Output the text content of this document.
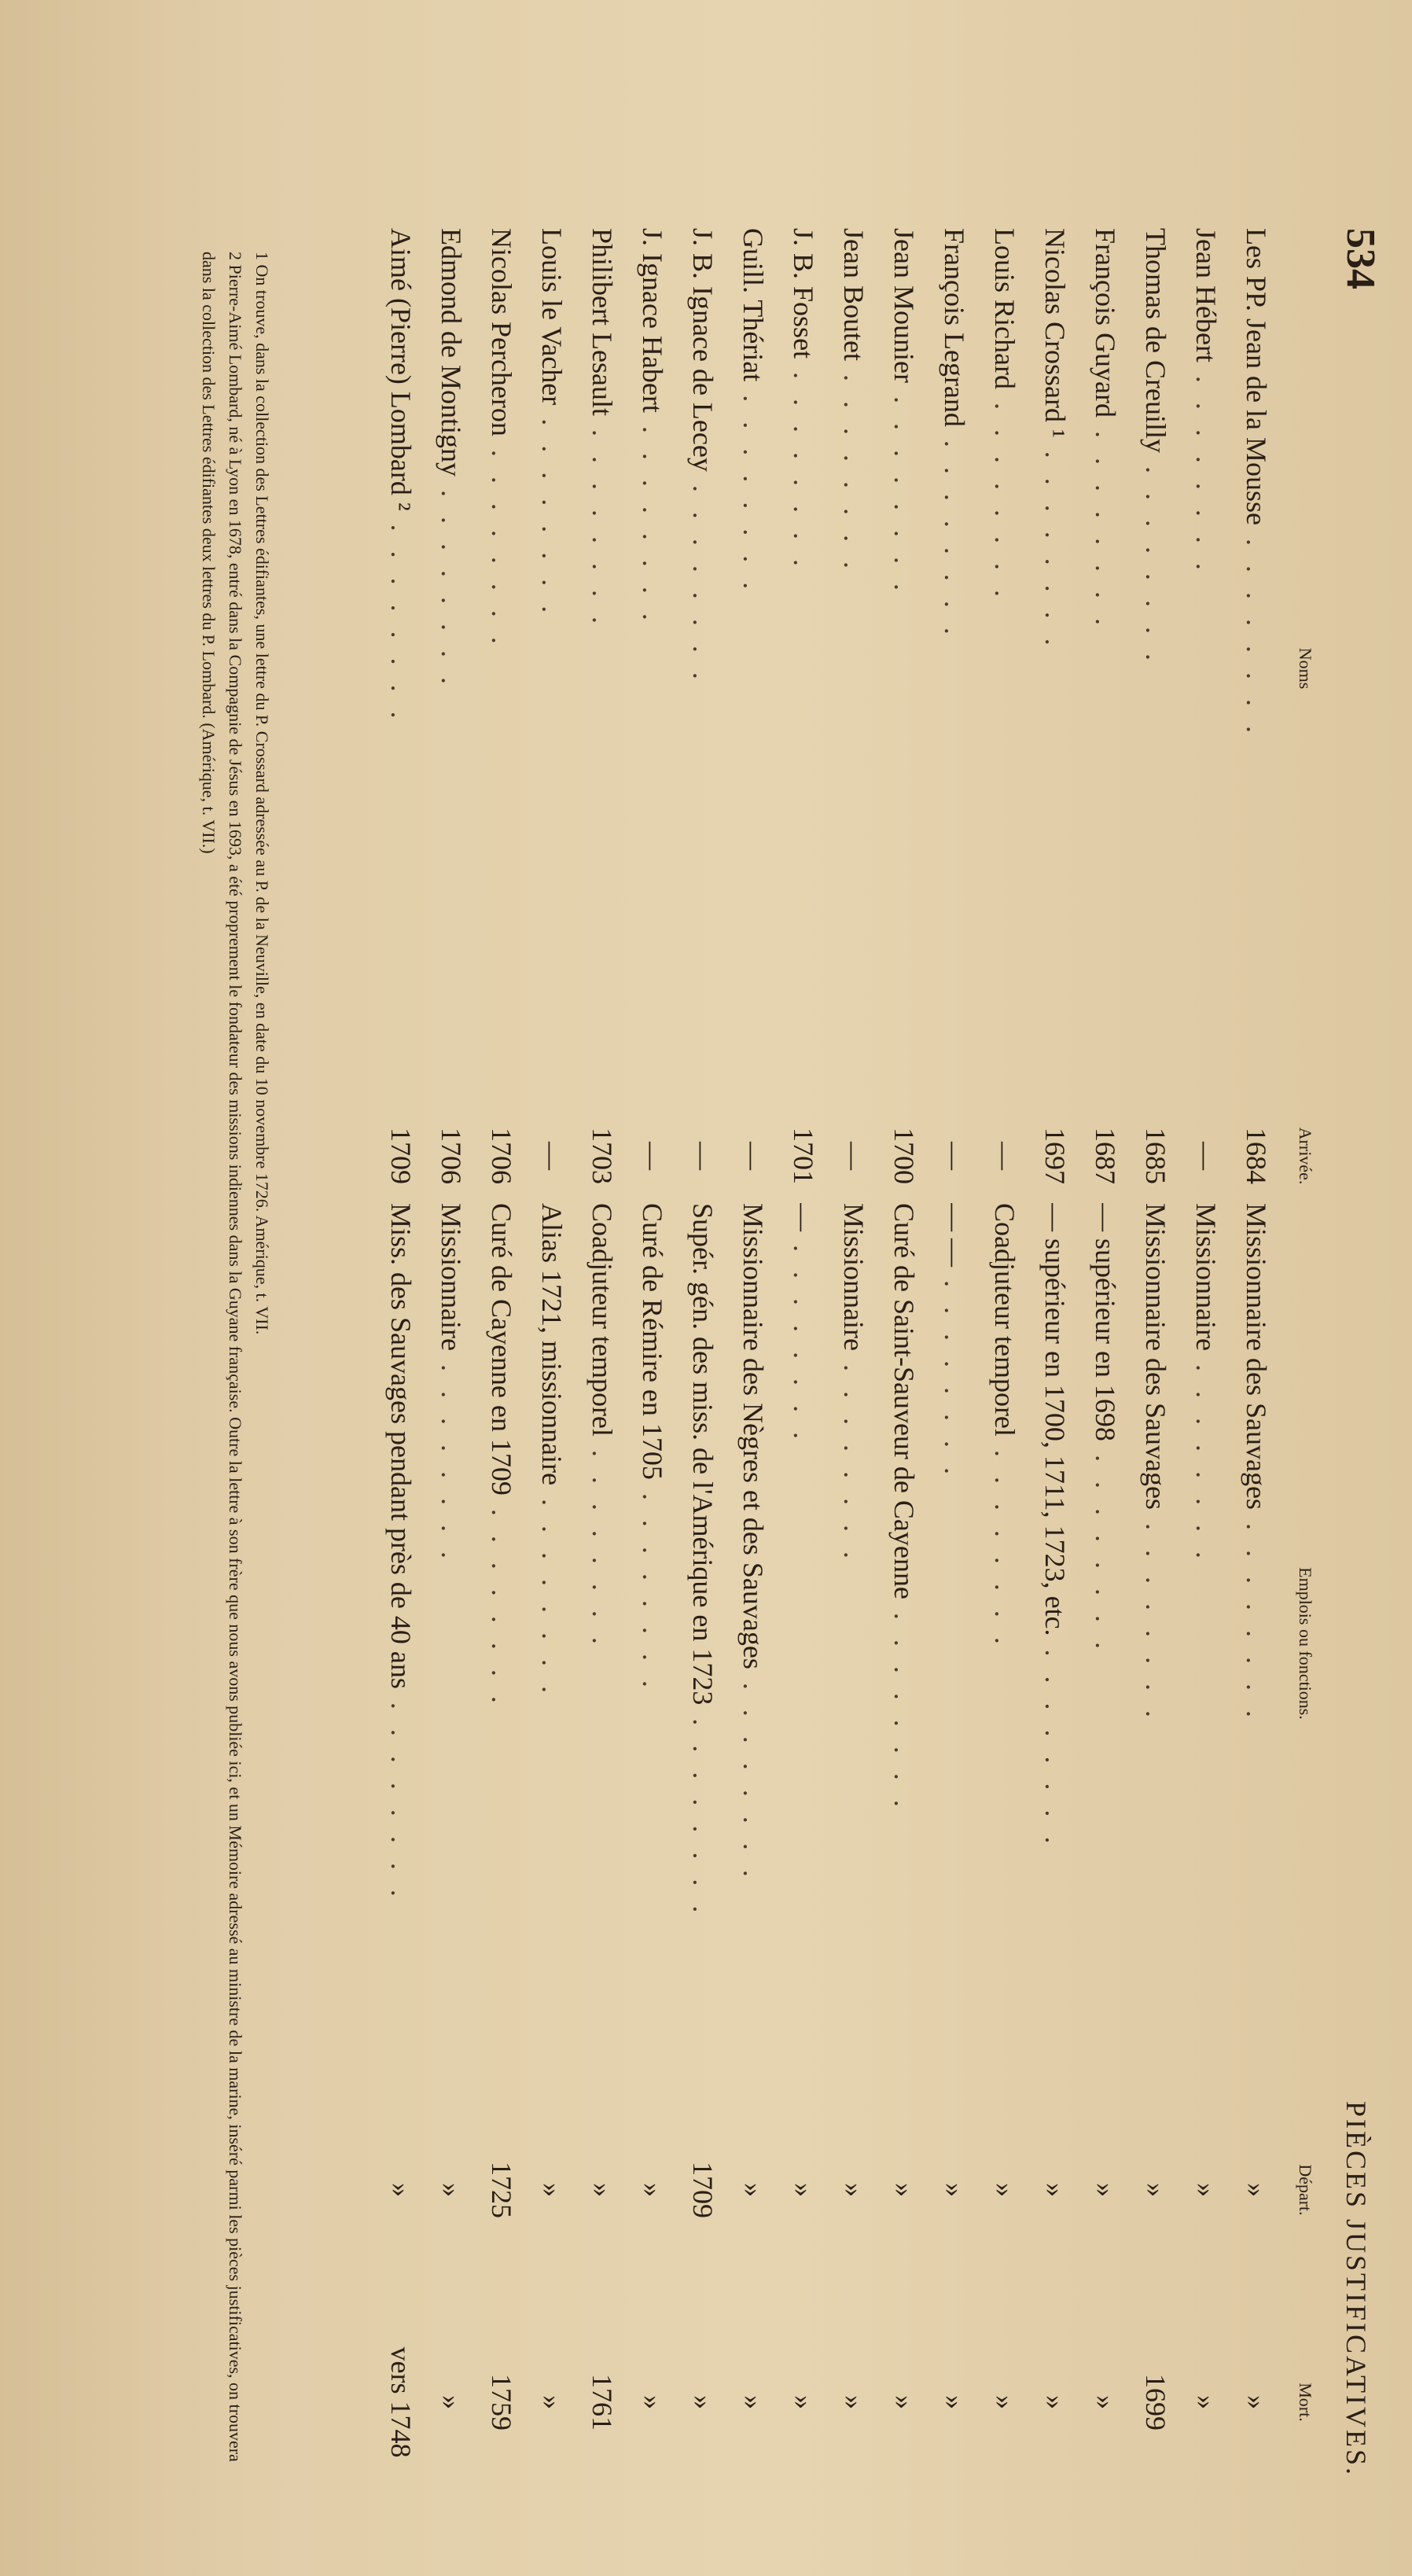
534
PIÈCES JUSTIFICATIVES.
Noms	Arrivée.	Emplois ou fonctions.	Départ.	Mort.
Les PP. Jean de la Mousse . . . . . . . .	1684	Missionnaire des Sauvages . . . . . . . .	»	»
Jean Hébert . . . . . . . .	—	Missionnaire . . . . . . . .	»	»
Thomas de Creuilly . . . . . . . .	1685	Missionnaire des Sauvages . . . . . . . .	»	1699
François Guyard . . . . . . . .	1687	— supérieur en 1698 . . . . . . . .	»	»
Nicolas Crossard ¹ . . . . . . . .	1697	— supérieur en 1700, 1711, 1723, etc. . . . . . . . .	»	»
Louis Richard . . . . . . . .	—	Coadjuteur temporel . . . . . . . .	»	»
François Legrand . . . . . . . .	—	— — . . . . . . . .	»	»
Jean Mounier . . . . . . . .	1700	Curé de Saint-Sauveur de Cayenne . . . . . . . .	»	»
Jean Boutet . . . . . . . .	—	Missionnaire . . . . . . . .	»	»
J. B. Fosset . . . . . . . .	1701	— . . . . . . . .	»	»
Guill. Thériat . . . . . . . .	—	Missionnaire des Nègres et des Sauvages . . . . . . . .	»	»
J. B. Ignace de Lecey . . . . . . . .	—	Supér. gén. des miss. de l'Amérique en 1723 . . . . . . . .	1709	»
J. Ignace Habert . . . . . . . .	—	Curé de Rémire en 1705 . . . . . . . .	»	»
Philibert Lesault . . . . . . . .	1703	Coadjuteur temporel . . . . . . . .	»	1761
Louis le Vacher . . . . . . . .	—	Alias 1721, missionnaire . . . . . . . .	»	»
Nicolas Percheron . . . . . . . .	1706	Curé de Cayenne en 1709 . . . . . . . .	1725	1759
Edmond de Montigny . . . . . . . .	1706	Missionnaire . . . . . . . .	»	»
Aimé (Pierre) Lombard ² . . . . . . . .	1709	Miss. des Sauvages pendant près de 40 ans . . . . . . . .	»	vers 1748

1 On trouve, dans la collection des Lettres édifiantes, une lettre du P. Crossard adressée au P. de la Neuville, en date du 10 novembre 1726. Amérique, t. VII.

2 Pierre-Aimé Lombard, né à Lyon en 1678, entré dans la Compagnie de Jésus en 1693, a été proprement le fondateur des missions indiennes dans la Guyane française. Outre la lettre à son frère que nous avons publiée ici, et un Mémoire adressé au ministre de la marine, inséré parmi les pièces justificatives, on trouvera dans la collection des Lettres édifiantes deux lettres du P. Lombard. (Amérique, t. VII.)
